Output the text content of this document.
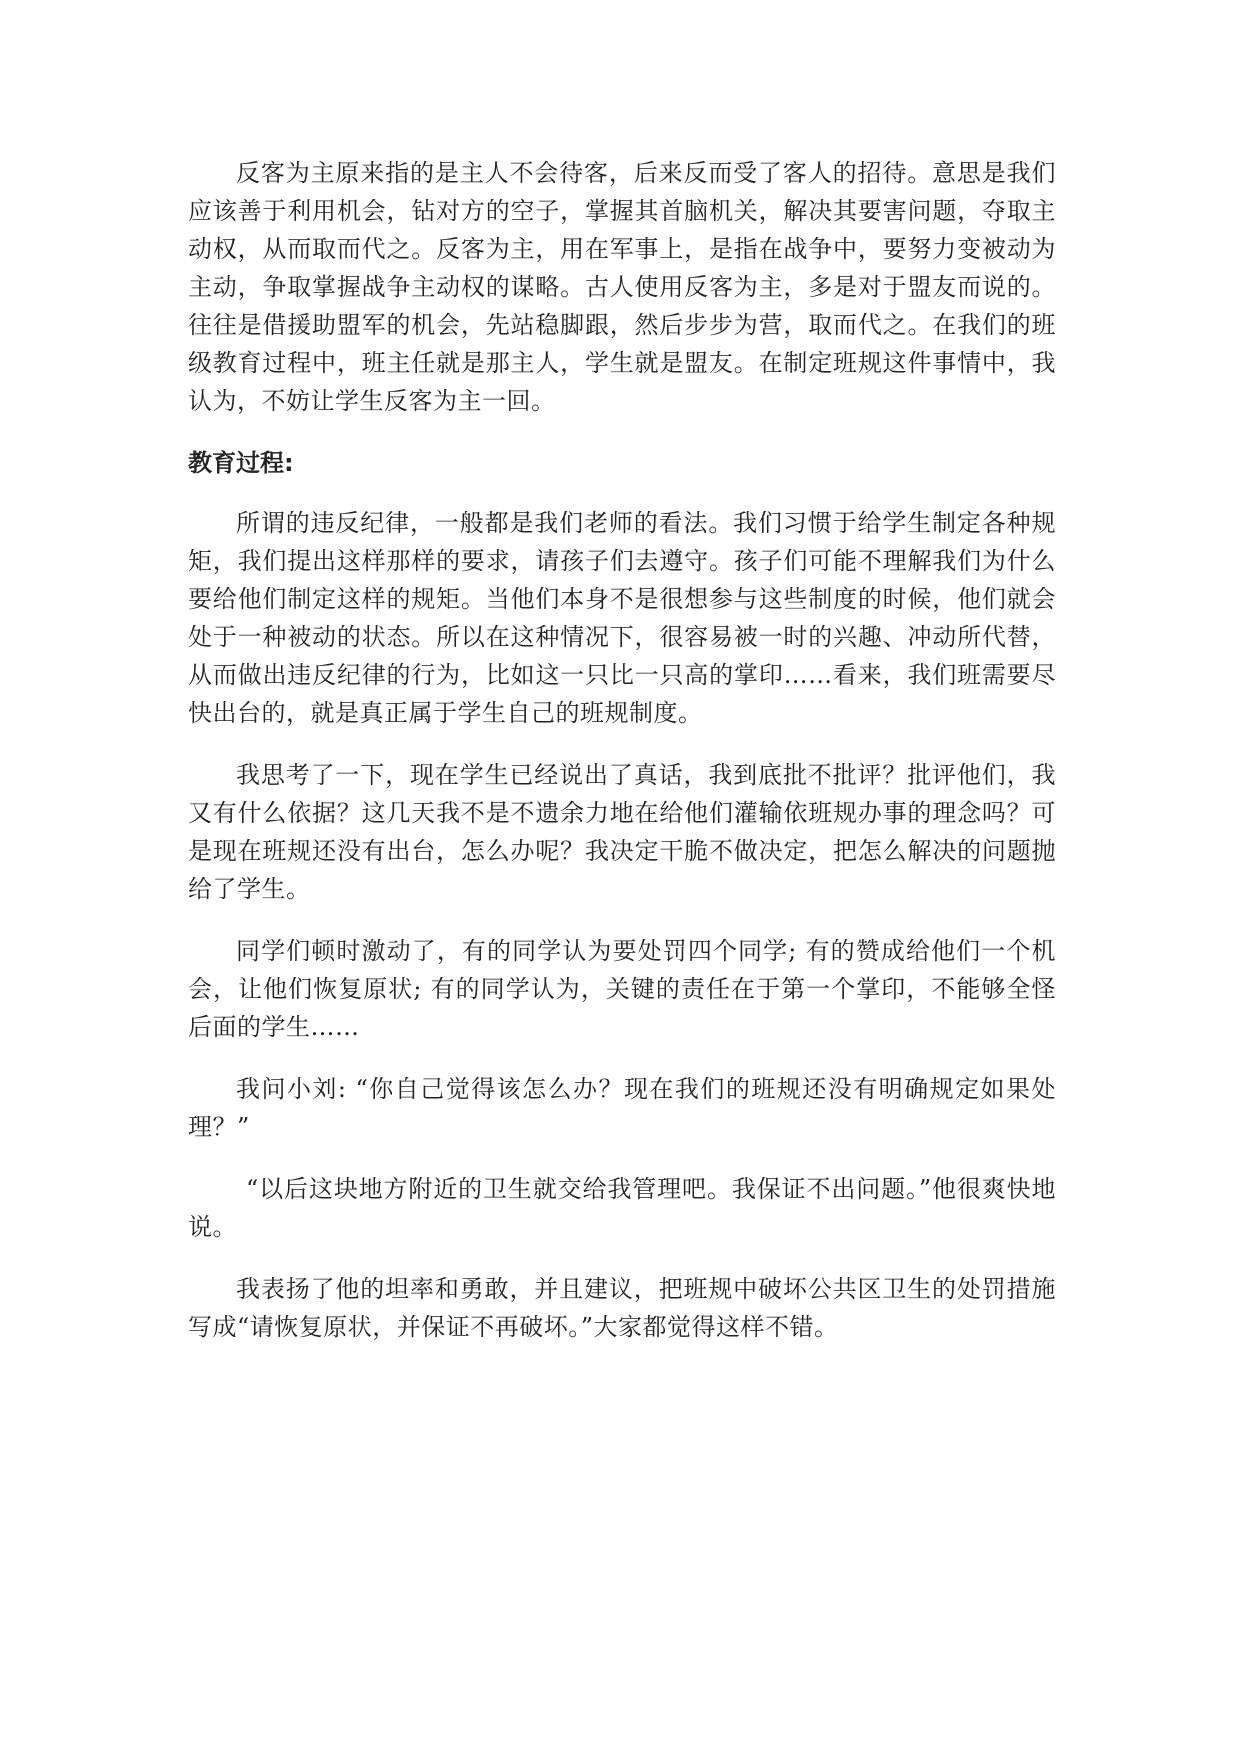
反客为主原来指的是主人不会待客，后来反而受了客人的招待。意思是我们应该善于利用机会，钻对方的空子，掌握其首脑机关，解决其要害问题，夺取主动权，从而取而代之。反客为主，用在军事上，是指在战争中，要努力变被动为主动，争取掌握战争主动权的谋略。古人使用反客为主，多是对于盟友而说的。往往是借援助盟军的机会，先站稳脚跟，然后步步为营，取而代之。在我们的班级教育过程中，班主任就是那主人，学生就是盟友。在制定班规这件事情中，我认为，不妨让学生反客为主一回。

教育过程:

所谓的违反纪律，一般都是我们老师的看法。我们习惯于给学生制定各种规矩，我们提出这样那样的要求，请孩子们去遵守。孩子们可能不理解我们为什么要给他们制定这样的规矩。当他们本身不是很想参与这些制度的时候，他们就会处于一种被动的状态。所以在这种情况下，很容易被一时的兴趣、冲动所代替，从而做出违反纪律的行为，比如这一只比一只高的掌印……看来，我们班需要尽快出台的，就是真正属于学生自己的班规制度。

我思考了一下，现在学生已经说出了真话，我到底批不批评？批评他们，我又有什么依据？这几天我不是不遗余力地在给他们灌输依班规办事的理念吗？可是现在班规还没有出台，怎么办呢？我决定干脆不做决定，把怎么解决的问题抛给了学生。

同学们顿时激动了，有的同学认为要处罚四个同学; 有的赞成给他们一个机会，让他们恢复原状; 有的同学认为，关键的责任在于第一个掌印，不能够全怪后面的学生……

我问小刘: “你自己觉得该怎么办？现在我们的班规还没有明确规定如果处理？”

“以后这块地方附近的卫生就交给我管理吧。我保证不出问题。”他很爽快地说。

我表扬了他的坦率和勇敢，并且建议，把班规中破坏公共区卫生的处罚措施写成“请恢复原状，并保证不再破坏。”大家都觉得这样不错。
